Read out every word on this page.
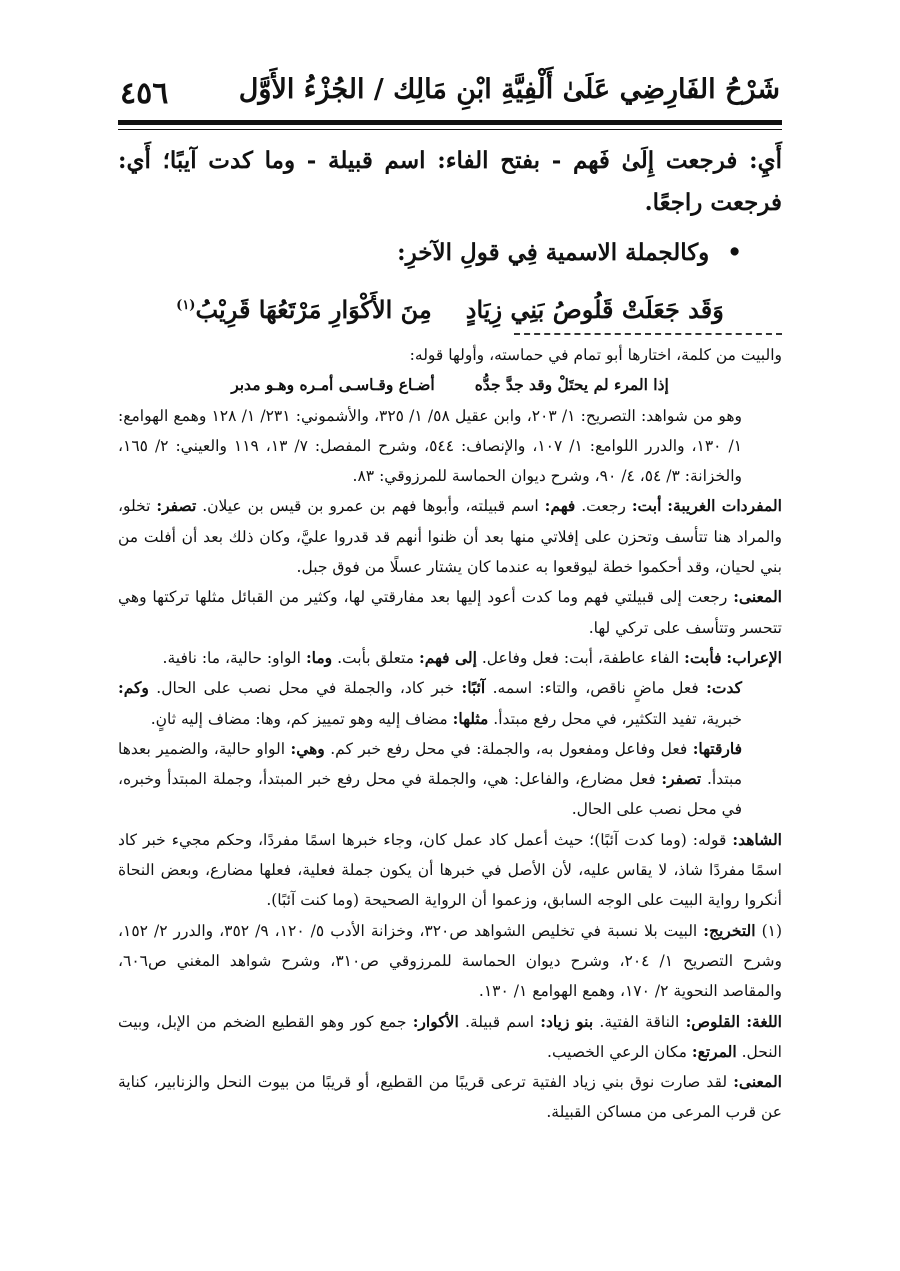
٤٥٦	شَرْحُ الفَارِضِي عَلَىٰ أَلْفِيَّةِ ابْنِ مَالِك / الجُزْءُ الأَوَّل

أَيِ: فرجعت إِلَىٰ فَهم - بفتح الفاء: اسم قبيلة - وما كدت آيبًا؛ أَي: فرجعت راجعًا.

•وكالجملة الاسمية فِي قولِ الآخرِ:

وَقَد جَعَلَتْ قَلُوصُ بَنِي زِيَادٍمِنَ الأَكْوَارِ مَرْتَعُهَا قَرِيْبُ$^{(١)}$

والبيت من كلمة، اختارها أبو تمام في حماسته، وأولها قوله:

إذا المرء لم يحتَلْ وقد جدَّ جدُّهأضـاع وقـاسـى أمـره وهـو مدبر

وهو من شواهد: التصريح: ١/ ٢٠٣، وابن عقيل ٥٨/ ١/ ٣٢٥، والأشموني: ٢٣١/ ١/ ١٢٨ وهمع الهوامع: ١/ ١٣٠، والدرر اللوامع: ١/ ١٠٧، والإنصاف: ٥٤٤، وشرح المفصل: ٧/ ١٣، ١١٩ والعيني: ٢/ ١٦٥، والخزانة: ٣/ ٥٤، ٤/ ٩٠، وشرح ديوان الحماسة للمرزوقي: ٨٣.

المفردات الغريبة: أبت: رجعت. فهم: اسم قبيلته، وأبوها فهم بن عمرو بن قيس بن عيلان. تصفر: تخلو، والمراد هنا تتأسف وتحزن على إفلاتي منها بعد أن ظنوا أنهم قد قدروا عليَّ، وكان ذلك بعد أن أفلت من بني لحيان، وقد أحكموا خطة ليوقعوا به عندما كان يشتار عسلًا من فوق جبل.

المعنى: رجعت إلى قبيلتي فهم وما كدت أعود إليها بعد مفارقتي لها، وكثير من القبائل مثلها تركتها وهي تتحسر وتتأسف على تركي لها.

الإعراب: فأبت: الفاء عاطفة، أبت: فعل وفاعل. إلى فهم: متعلق بأبت. وما: الواو: حالية، ما: نافية.

كدت: فعل ماضٍ ناقص، والتاء: اسمه. آئبًا: خبر كاد، والجملة في محل نصب على الحال. وكم: خبرية، تفيد التكثير، في محل رفع مبتدأ. مثلها: مضاف إليه وهو تمييز كم، وها: مضاف إليه ثانٍ.

فارقتها: فعل وفاعل ومفعول به، والجملة: في محل رفع خبر كم. وهي: الواو حالية، والضمير بعدها مبتدأ. تصفر: فعل مضارع، والفاعل: هي، والجملة في محل رفع خبر المبتدأ، وجملة المبتدأ وخبره، في محل نصب على الحال.

الشاهد: قوله: (وما كدت آئبًا)؛ حيث أعمل كاد عمل كان، وجاء خبرها اسمًا مفردًا، وحكم مجيء خبر كاد اسمًا مفردًا شاذ، لا يقاس عليه، لأن الأصل في خبرها أن يكون جملة فعلية، فعلها مضارع، وبعض النحاة أنكروا رواية البيت على الوجه السابق، وزعموا أن الرواية الصحيحة (وما كنت آئبًا).

(١) التخريج: البيت بلا نسبة في تخليص الشواهد ص٣٢٠، وخزانة الأدب ٥/ ١٢٠، ٩/ ٣٥٢، والدرر ٢/ ١٥٢، وشرح التصريح ١/ ٢٠٤، وشرح ديوان الحماسة للمرزوقي ص٣١٠، وشرح شواهد المغني ص٦٠٦، والمقاصد النحوية ٢/ ١٧٠، وهمع الهوامع ١/ ١٣٠.

اللغة: القلوص: الناقة الفتية. بنو زياد: اسم قبيلة. الأكوار: جمع كور وهو القطيع الضخم من الإبل، وبيت النحل. المرتع: مكان الرعي الخصيب.

المعنى: لقد صارت نوق بني زياد الفتية ترعى قريبًا من القطيع، أو قريبًا من بيوت النحل والزنابير، كناية عن قرب المرعى من مساكن القبيلة.
